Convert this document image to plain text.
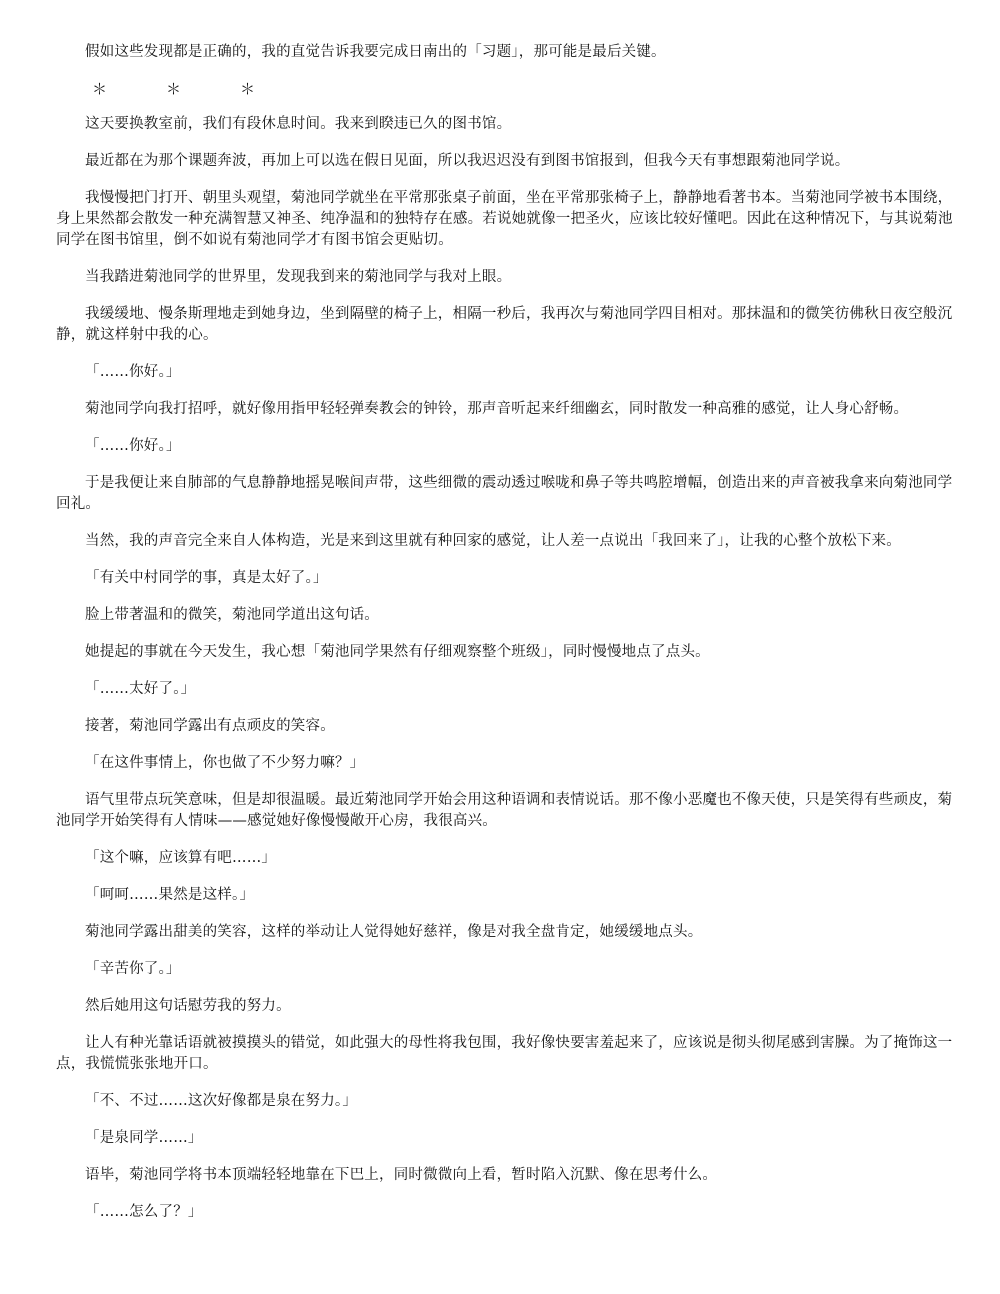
假如这些发现都是正确的，我的直觉告诉我要完成日南出的「习题」，那可能是最后关键。

＊　＊　＊

这天要换教室前，我们有段休息时间。我来到睽违已久的图书馆。

最近都在为那个课题奔波，再加上可以选在假日见面，所以我迟迟没有到图书馆报到，但我今天有事想跟菊池同学说。

我慢慢把门打开、朝里头观望，菊池同学就坐在平常那张桌子前面，坐在平常那张椅子上，静静地看著书本。当菊池同学被书本围绕，身上果然都会散发一种充满智慧又神圣、纯净温和的独特存在感。若说她就像一把圣火，应该比较好懂吧。因此在这种情况下，与其说菊池同学在图书馆里，倒不如说有菊池同学才有图书馆会更贴切。

当我踏进菊池同学的世界里，发现我到来的菊池同学与我对上眼。

我缓缓地、慢条斯理地走到她身边，坐到隔壁的椅子上，相隔一秒后，我再次与菊池同学四目相对。那抹温和的微笑彷佛秋日夜空般沉静，就这样射中我的心。

「……你好。」

菊池同学向我打招呼，就好像用指甲轻轻弹奏教会的钟铃，那声音听起来纤细幽玄，同时散发一种高雅的感觉，让人身心舒畅。

「……你好。」

于是我便让来自肺部的气息静静地摇晃喉间声带，这些细微的震动透过喉咙和鼻子等共鸣腔增幅，创造出来的声音被我拿来向菊池同学回礼。

当然，我的声音完全来自人体构造，光是来到这里就有种回家的感觉，让人差一点说出「我回来了」，让我的心整个放松下来。

「有关中村同学的事，真是太好了。」

脸上带著温和的微笑，菊池同学道出这句话。

她提起的事就在今天发生，我心想「菊池同学果然有仔细观察整个班级」，同时慢慢地点了点头。

「……太好了。」

接著，菊池同学露出有点顽皮的笑容。

「在这件事情上，你也做了不少努力嘛？」

语气里带点玩笑意味，但是却很温暖。最近菊池同学开始会用这种语调和表情说话。那不像小恶魔也不像天使，只是笑得有些顽皮，菊池同学开始笑得有人情味——感觉她好像慢慢敞开心房，我很高兴。

「这个嘛，应该算有吧……」

「呵呵……果然是这样。」

菊池同学露出甜美的笑容，这样的举动让人觉得她好慈祥，像是对我全盘肯定，她缓缓地点头。

「辛苦你了。」

然后她用这句话慰劳我的努力。

让人有种光靠话语就被摸摸头的错觉，如此强大的母性将我包围，我好像快要害羞起来了，应该说是彻头彻尾感到害臊。为了掩饰这一点，我慌慌张张地开口。

「不、不过……这次好像都是泉在努力。」

「是泉同学……」

语毕，菊池同学将书本顶端轻轻地靠在下巴上，同时微微向上看，暂时陷入沉默、像在思考什么。

「……怎么了？」
